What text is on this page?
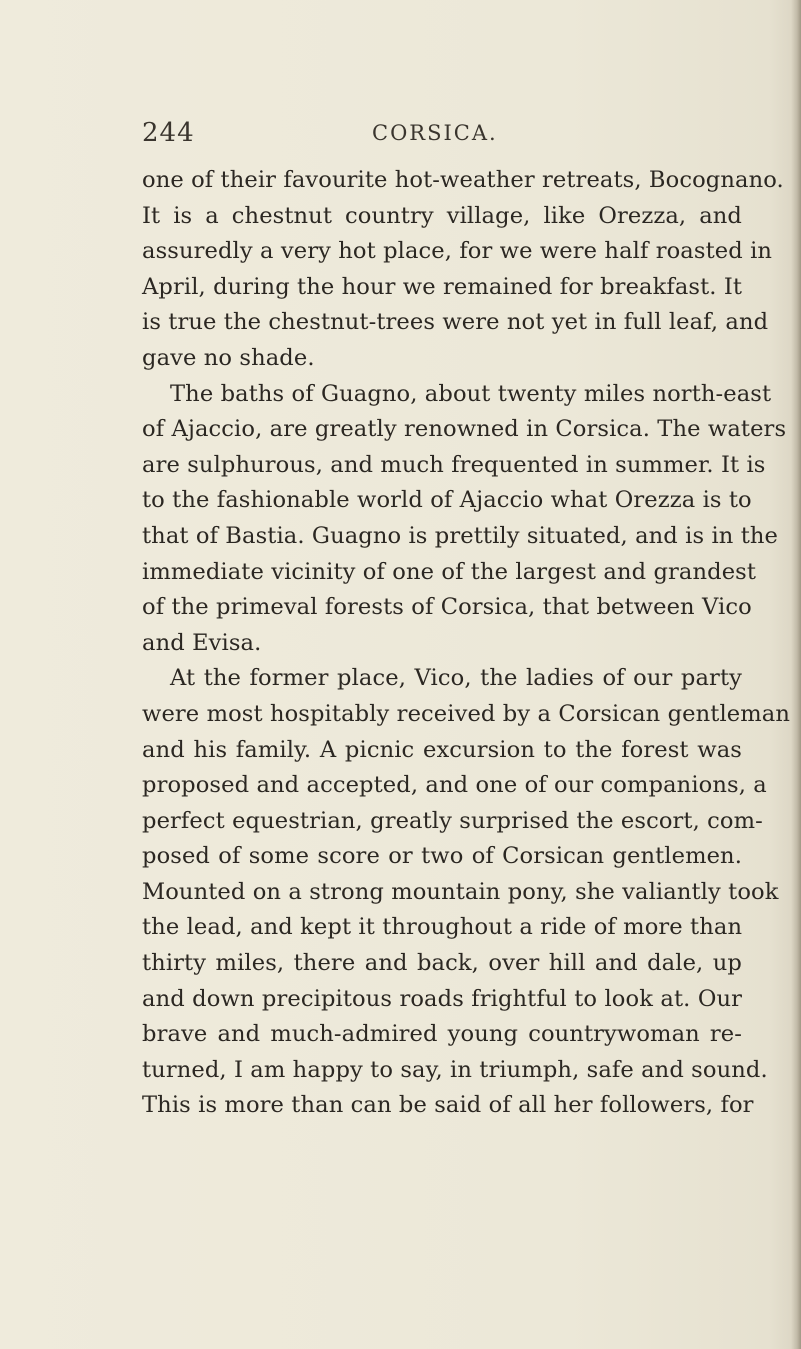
244	CORSICA.
one of their favourite hot-weather retreats, Bocognano.
It is a chestnut country village, like Orezza, and
assuredly a very hot place, for we were half roasted in
April, during the hour we remained for breakfast. It
is true the chestnut-trees were not yet in full leaf, and
gave no shade.
The baths of Guagno, about twenty miles north-east
of Ajaccio, are greatly renowned in Corsica. The waters
are sulphurous, and much frequented in summer. It is
to the fashionable world of Ajaccio what Orezza is to
that of Bastia. Guagno is prettily situated, and is in the
immediate vicinity of one of the largest and grandest
of the primeval forests of Corsica, that between Vico
and Evisa.
At the former place, Vico, the ladies of our party
were most hospitably received by a Corsican gentleman
and his family. A picnic excursion to the forest was
proposed and accepted, and one of our companions, a
perfect equestrian, greatly surprised the escort, com-
posed of some score or two of Corsican gentlemen.
Mounted on a strong mountain pony, she valiantly took
the lead, and kept it throughout a ride of more than
thirty miles, there and back, over hill and dale, up
and down precipitous roads frightful to look at. Our
brave and much-admired young countrywoman re-
turned, I am happy to say, in triumph, safe and sound.
This is more than can be said of all her followers, for
